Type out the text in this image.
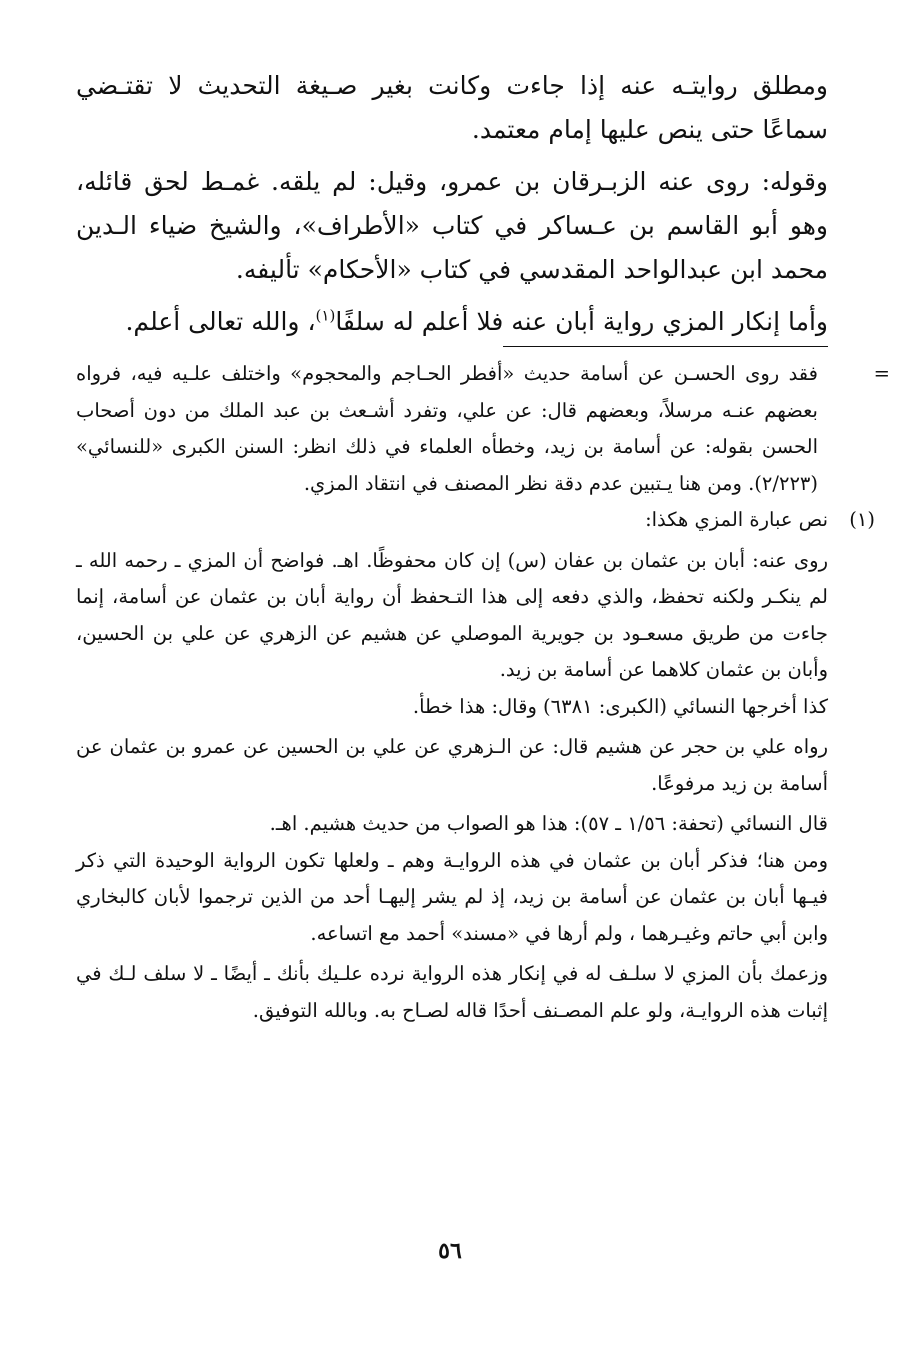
ومطلق روايتـه عنه إذا جاءت وكانت بغير صـيغة التحديث لا تقتـضي سماعًا حتى ينص عليها إمام معتمد.

وقوله: روى عنه الزبـرقان بن عمرو، وقيل: لم يلقه. غمـط لحق قائله، وهو أبو القاسم بن عـساكر في كتاب «الأطراف»، والشيخ ضياء الـدين محمد ابن عبدالواحد المقدسي في كتاب «الأحكام» تأليفه.

وأما إنكار المزي رواية أبان عنه فلا أعلم له سلفًا$^{(١)}$، والله تعالى أعلم.

=
فقد روى الحسـن عن أسامة حديث «أفطر الحـاجم والمحجوم» واختلف علـيه فيه، فرواه بعضهم عنـه مرسلاً، وبعضهم قال: عن علي، وتفرد أشـعث بن عبد الملك من دون أصحاب الحسن بقوله: عن أسامة بن زيد، وخطأه العلماء في ذلك انظر: السنن الكبرى «للنسائي» (٢/٢٢٣). ومن هنا يـتبين عدم دقة نظر المصنف في انتقاد المزي.

(١)
نص عبارة المزي هكذا:

روى عنه: أبان بن عثمان بن عفان (س) إن كان محفوظًا. اهـ. فواضح أن المزي ـ رحمه الله ـ لم ينكـر ولكنه تحفظ، والذي دفعه إلى هذا التـحفظ أن رواية أبان بن عثمان عن أسامة، إنما جاءت من طريق مسعـود بن جويرية الموصلي عن هشيم عن الزهري عن علي بن الحسين، وأبان بن عثمان كلاهما عن أسامة بن زيد.

كذا أخرجها النسائي (الكبرى: ٦٣٨١) وقال: هذا خطأ.

رواه علي بن حجر عن هشيم قال: عن الـزهري عن علي بن الحسين عن عمرو بن عثمان عن أسامة بن زيد مرفوعًا.

قال النسائي (تحفة: ١/٥٦ ـ ٥٧): هذا هو الصواب من حديث هشيم. اهـ.

ومن هنا؛ فذكر أبان بن عثمان في هذه الروايـة وهم ـ ولعلها تكون الرواية الوحيدة التي ذكر فيـها أبان بن عثمان عن أسامة بن زيد، إذ لم يشر إليهـا أحد من الذين ترجموا لأبان كالبخاري وابن أبي حاتم وغيـرهما ، ولم أرها في «مسند» أحمد مع اتساعه.

وزعمك بأن المزي لا سلـف له في إنكار هذه الرواية نرده علـيك بأنك ـ أيضًا ـ لا سلف لـك في إثبات هذه الروايـة، ولو علم المصـنف أحدًا قاله لصـاح به. وبالله التوفيق.

٥٦
